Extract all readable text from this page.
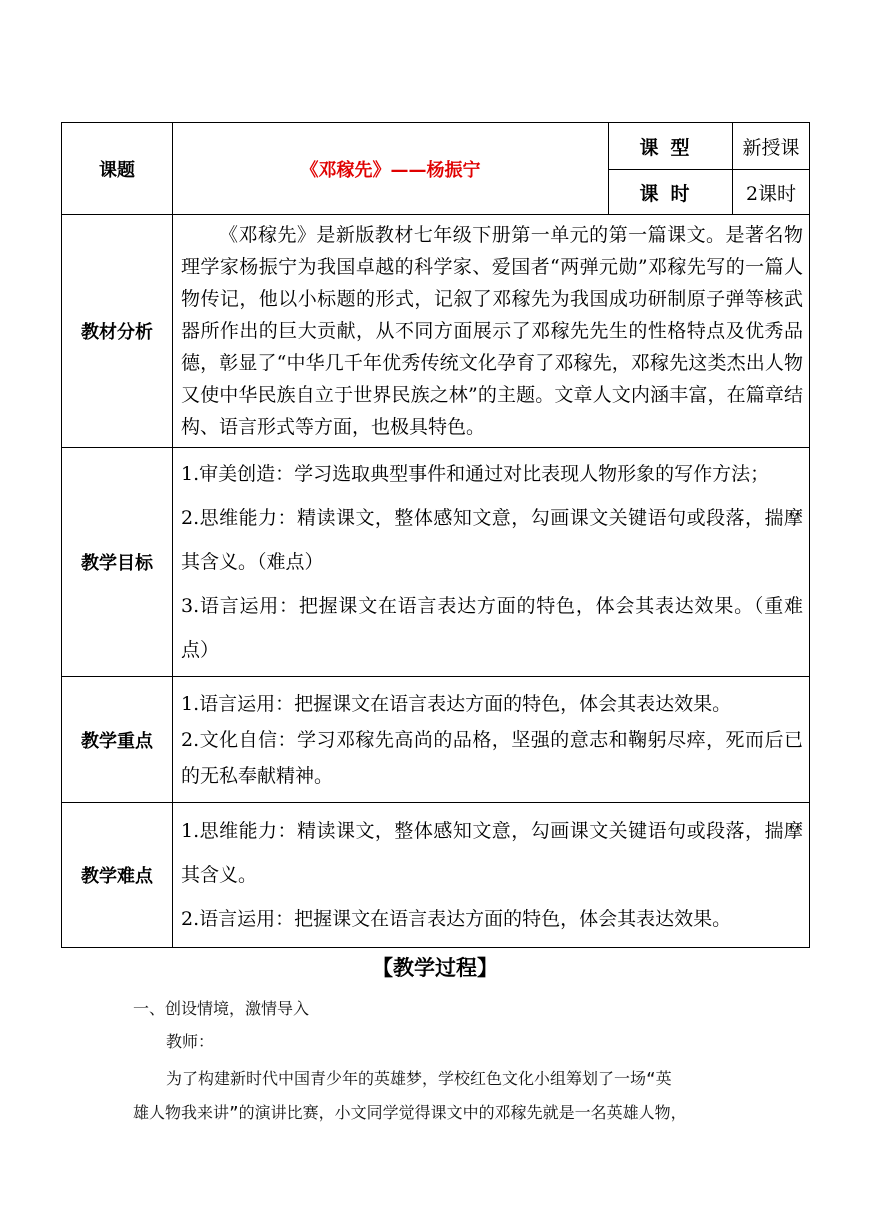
课题	《邓稼先》——杨振宁	课型	新授课
		课时	2课时
教材分析	《邓稼先》是新版教材七年级下册第一单元的第一篇课文。是著名物理学家杨振宁为我国卓越的科学家、爱国者“两弹元勋”邓稼先写的一篇人物传记，他以小标题的形式，记叙了邓稼先为我国成功研制原子弹等核武器所作出的巨大贡献，从不同方面展示了邓稼先先生的性格特点及优秀品德，彰显了“中华几千年优秀传统文化孕育了邓稼先，邓稼先这类杰出人物又使中华民族自立于世界民族之林”的主题。文章人文内涵丰富，在篇章结构、语言形式等方面，也极具特色。		

教学目标	1.审美创造：学习选取典型事件和通过对比表现人物形象的写作方法；

2.思维能力：精读课文，整体感知文意，勾画课文关键语句或段落，揣摩其含义。（难点）

3.语言运用：把握课文在语言表达方面的特色，体会其表达效果。（重难点）		

教学重点	1.语言运用：把握课文在语言表达方面的特色，体会其表达效果。

2.文化自信：学习邓稼先高尚的品格，坚强的意志和鞠躬尽瘁，死而后已的无私奉献精神。		

教学难点	1.思维能力：精读课文，整体感知文意，勾画课文关键语句或段落，揣摩其含义。

2.语言运用：把握课文在语言表达方面的特色，体会其表达效果。		

【教学过程】
一、创设情境，激情导入
教师：
为了构建新时代中国青少年的英雄梦，学校红色文化小组筹划了一场“英
雄人物我来讲”的演讲比赛，小文同学觉得课文中的邓稼先就是一名英雄人物，
